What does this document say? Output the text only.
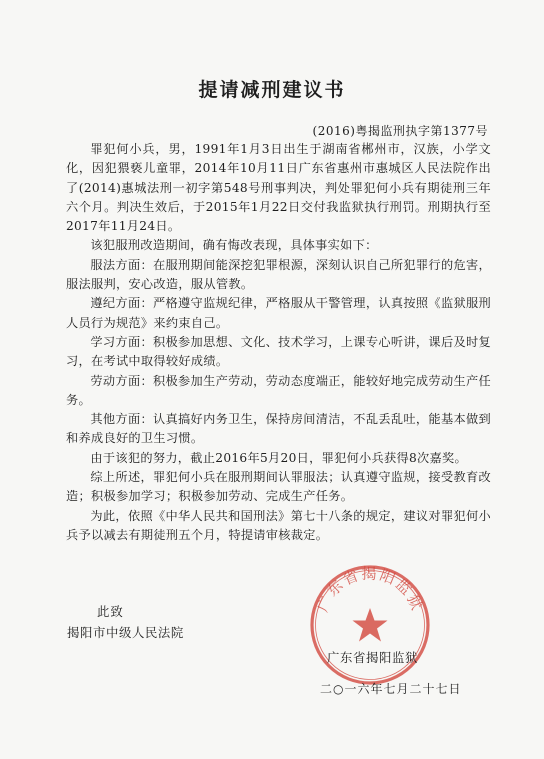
提请减刑建议书
(2016)粤揭监刑执字第1377号

罪犯何小兵，男，1991年1月3日出生于湖南省郴州市，汉族，小学文化，因犯猥亵儿童罪，2014年10月11日广东省惠州市惠城区人民法院作出了(2014)惠城法刑一初字第548号刑事判决，判处罪犯何小兵有期徒刑三年六个月。判决生效后，于2015年1月22日交付我监狱执行刑罚。刑期执行至2017年11月24日。

该犯服刑改造期间，确有悔改表现，具体事实如下：

服法方面：在服刑期间能深挖犯罪根源，深刻认识自己所犯罪行的危害，服法服判，安心改造，服从管教。

遵纪方面：严格遵守监规纪律，严格服从干警管理，认真按照《监狱服刑人员行为规范》来约束自己。

学习方面：积极参加思想、文化、技术学习，上课专心听讲，课后及时复习，在考试中取得较好成绩。

劳动方面：积极参加生产劳动，劳动态度端正，能较好地完成劳动生产任务。

其他方面：认真搞好内务卫生，保持房间清洁，不乱丢乱吐，能基本做到和养成良好的卫生习惯。

由于该犯的努力，截止2016年5月20日，罪犯何小兵获得8次嘉奖。

综上所述，罪犯何小兵在服刑期间认罪服法；认真遵守监规，接受教育改造；积极参加学习；积极参加劳动、完成生产任务。

为此，依照《中华人民共和国刑法》第七十八条的规定，建议对罪犯何小兵予以减去有期徒刑五个月，特提请审核裁定。

此致
揭阳市中级人民法院
广东省揭阳监狱
广东省揭阳监狱
二○一六年七月二十七日
